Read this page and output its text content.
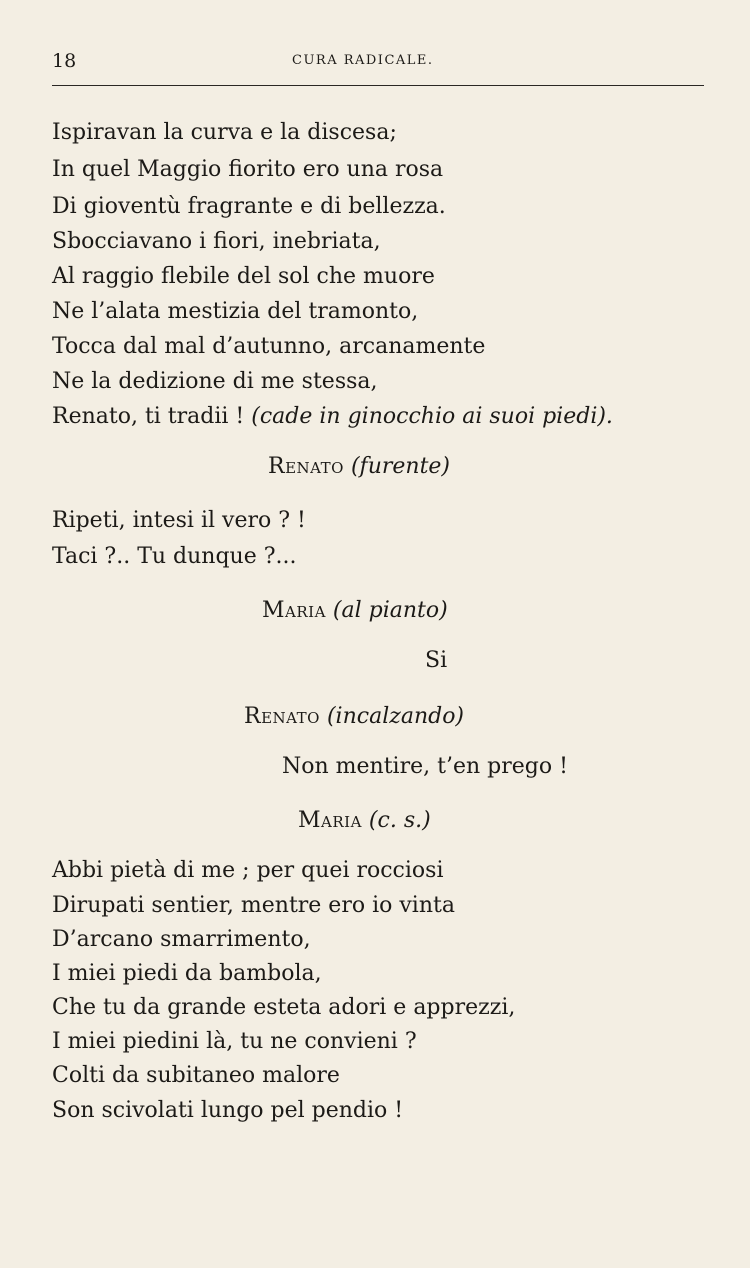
18	CURA RADICALE.
Ispiravan la curva e la discesa;
In quel Maggio fiorito ero una rosa
Di gioventù fragrante e di bellezza.
Sbocciavano i fiori, inebriata,
Al raggio flebile del sol che muore
Ne l’alata mestizia del tramonto,
Tocca dal mal d’autunno, arcanamente
Ne la dedizione di me stessa,
Renato, ti tradii ! (cade in ginocchio ai suoi piedi).
Renato (furente)
Ripeti, intesi il vero ? !
Taci ?.. Tu dunque ?...
Maria (al pianto)
Si
Renato (incalzando)
Non mentire, t’en prego !
Maria (c. s.)
Abbi pietà di me ; per quei rocciosi
Dirupati sentier, mentre ero io vinta
D’arcano smarrimento,
I miei piedi da bambola,
Che tu da grande esteta adori e apprezzi,
I miei piedini là, tu ne convieni ?
Colti da subitaneo malore
Son scivolati lungo pel pendio !
